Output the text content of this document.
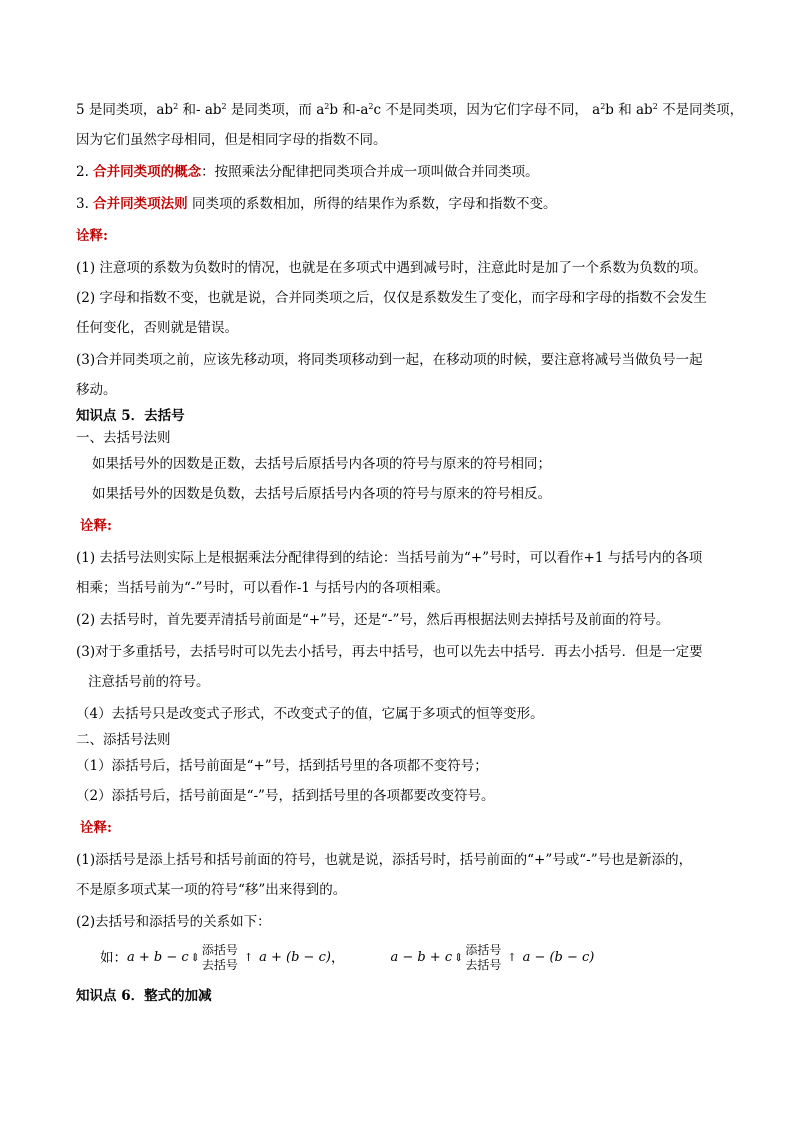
5 是同类项，$ab^2$ 和- $ab^2$ 是同类项，而 $a^2b$ 和$-a^2c$ 不是同类项，因为它们字母不同， $a^2b$ 和 $ab^2$ 不是同类项，
因为它们虽然字母相同，但是相同字母的指数不同。
2. 合并同类项的概念：按照乘法分配律把同类项合并成一项叫做合并同类项。
3. 合并同类项法则 同类项的系数相加，所得的结果作为系数，字母和指数不变。
诠释:
(1) 注意项的系数为负数时的情况，也就是在多项式中遇到减号时，注意此时是加了一个系数为负数的项。
(2) 字母和指数不变，也就是说，合并同类项之后，仅仅是系数发生了变化，而字母和字母的指数不会发生
任何变化，否则就是错误。
(3)合并同类项之前，应该先移动项，将同类项移动到一起，在移动项的时候，要注意将减号当做负号一起
移动。
知识点 5．去括号
一、去括号法则
如果括号外的因数是正数，去括号后原括号内各项的符号与原来的符号相同；
如果括号外的因数是负数，去括号后原括号内各项的符号与原来的符号相反。
诠释:
(1) 去括号法则实际上是根据乘法分配律得到的结论：当括号前为“+”号时，可以看作+1 与括号内的各项
相乘；当括号前为“-”号时，可以看作-1 与括号内的各项相乘。
(2) 去括号时，首先要弄清括号前面是“+”号，还是“-”号，然后再根据法则去掉括号及前面的符号。
(3)对于多重括号，去括号时可以先去小括号，再去中括号，也可以先去中括号．再去小括号．但是一定要
注意括号前的符号。
（4）去括号只是改变式子形式，不改变式子的值，它属于多项式的恒等变形。
二、添括号法则
（1）添括号后，括号前面是“+”号，括到括号里的各项都不变符号；
（2）添括号后，括号前面是“-”号，括到括号里的各项都要改变符号。
诠释:
(1)添括号是添上括号和括号前面的符号，也就是说，添括号时，括号前面的“+”号或“-”号也是新添的，
不是原多项式某一项的符号“移”出来得到的。
(2)去括号和添括号的关系如下：
如： a + b − c ⇕
添括号
去括号
↑ a + (b − c) ，	a − b + c ⇕
添括号
去括号
↑ a − (b − c)
知识点 6．整式的加减
